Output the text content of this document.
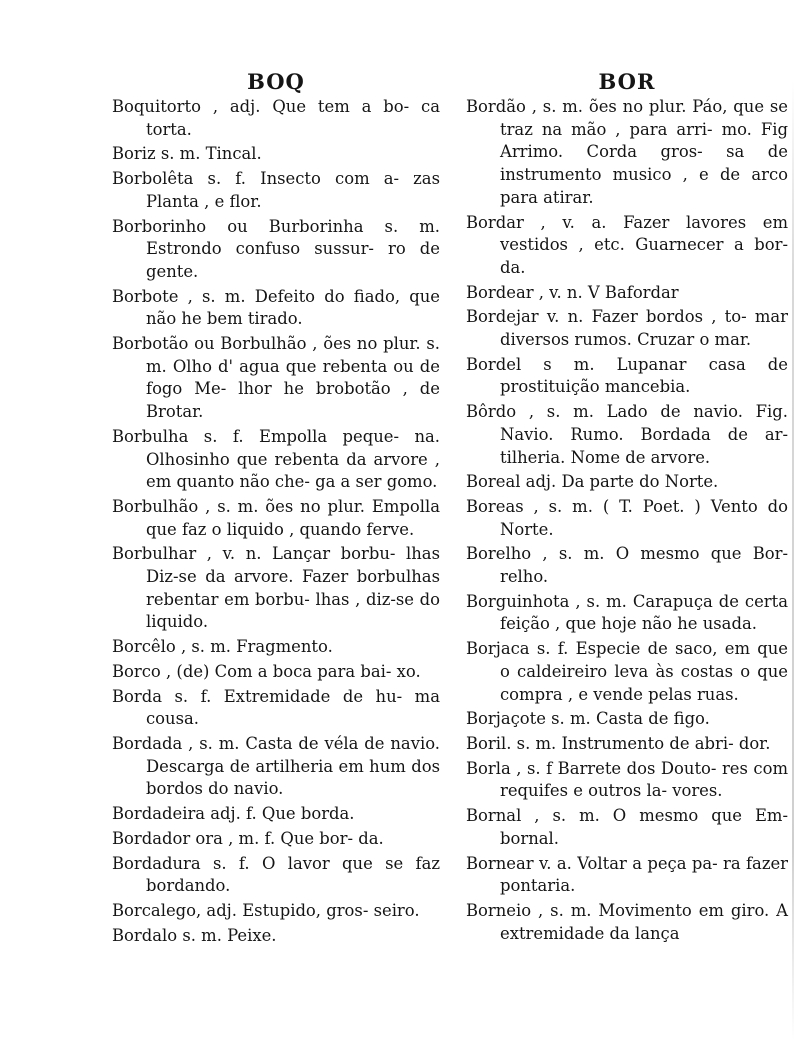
BOQ

Boquitorto , adj. Que tem a bo- ca torta.

Boriz s. m. Tincal.

Borbolêta s. f. Insecto com a- zas Planta , e flor.

Borborinho ou Burborinha s. m. Estrondo confuso sussur- ro de gente.

Borbote , s. m. Defeito do fiado, que não he bem tirado.

Borbotão ou Borbulhão , ões no plur. s. m. Olho d' agua que rebenta ou de fogo Me- lhor he brobotão , de Brotar.

Borbulha s. f. Empolla peque- na. Olhosinho que rebenta da arvore , em quanto não che- ga a ser gomo.

Borbulhão , s. m. ões no plur. Empolla que faz o liquido , quando ferve.

Borbulhar , v. n. Lançar borbu- lhas Diz-se da arvore. Fazer borbulhas rebentar em borbu- lhas , diz-se do liquido.

Borcêlo , s. m. Fragmento.

Borco , (de) Com a boca para bai- xo.

Borda s. f. Extremidade de hu- ma cousa.

Bordada , s. m. Casta de véla de navio. Descarga de artilheria em hum dos bordos do navio.

Bordadeira adj. f. Que borda.

Bordador ora , m. f. Que bor- da.

Bordadura s. f. O lavor que se faz bordando.

Borcalego, adj. Estupido, gros- seiro.

Bordalo s. m. Peixe.

BOR

Bordão , s. m. ões no plur. Páo, que se traz na mão , para arri- mo. Fig Arrimo. Corda gros- sa de instrumento musico , e de arco para atirar.

Bordar , v. a. Fazer lavores em vestidos , etc. Guarnecer a bor- da.

Bordear , v. n. V Bafordar

Bordejar v. n. Fazer bordos , to- mar diversos rumos. Cruzar o mar.

Bordel s m. Lupanar casa de prostituição mancebia.

Bôrdo , s. m. Lado de navio. Fig. Navio. Rumo. Bordada de ar- tilheria. Nome de arvore.

Boreal adj. Da parte do Norte.

Boreas , s. m. ( T. Poet. ) Vento do Norte.

Borelho , s. m. O mesmo que Bor- relho.

Borguinhota , s. m. Carapuça de certa feição , que hoje não he usada.

Borjaca s. f. Especie de saco, em que o caldeireiro leva às costas o que compra , e vende pelas ruas.

Borjaçote s. m. Casta de figo.

Boril. s. m. Instrumento de abri- dor.

Borla , s. f Barrete dos Douto- res com requifes e outros la- vores.

Bornal , s. m. O mesmo que Em- bornal.

Bornear v. a. Voltar a peça pa- ra fazer pontaria.

Borneio , s. m. Movimento em giro. A extremidade da lança
